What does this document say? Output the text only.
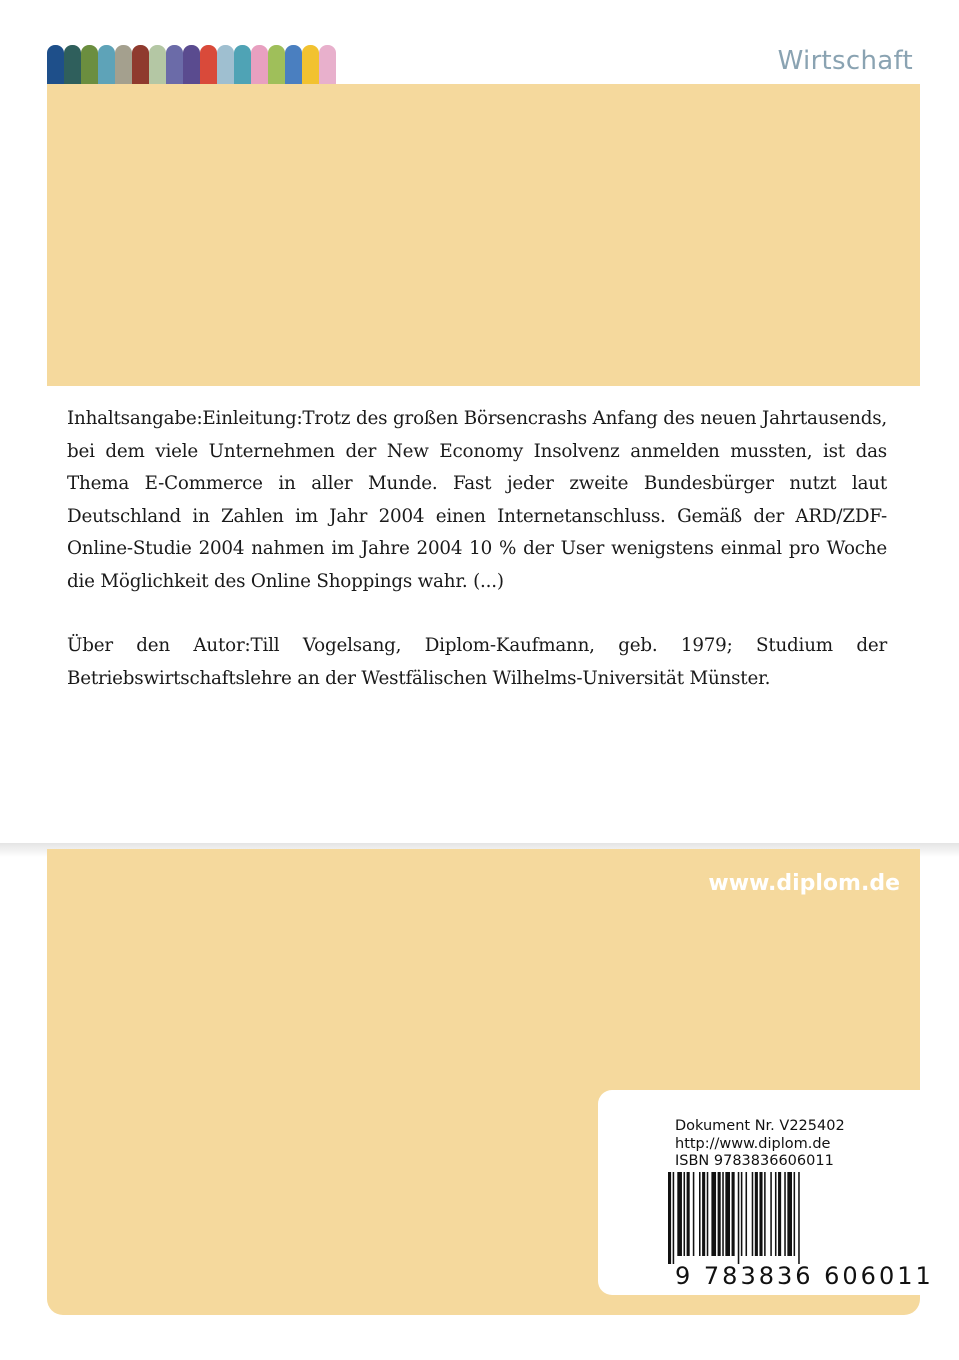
Wirtschaft

Inhaltsangabe:Einleitung:Trotz des großen Börsencrashs Anfang des neuen Jahrtausends, bei dem viele Unternehmen der New Economy Insolvenz anmelden mussten, ist das Thema E-Commerce in aller Munde. Fast jeder zweite Bundesbürger nutzt laut Deutschland in Zahlen im Jahr 2004 einen Internetanschluss. Gemäß der ARD/ZDF-Online-Studie 2004 nahmen im Jahre 2004 10 % der User wenigstens einmal pro Woche die Möglichkeit des Online Shoppings wahr. (...)

Über den Autor:Till Vogelsang, Diplom-Kaufmann, geb. 1979; Studium der Betriebswirtschaftslehre an der Westfälischen Wilhelms-Universität Münster.

www.diplom.de
Dokument Nr. V225402
http://www.diplom.de
ISBN 9783836606011
9 783836 606011
